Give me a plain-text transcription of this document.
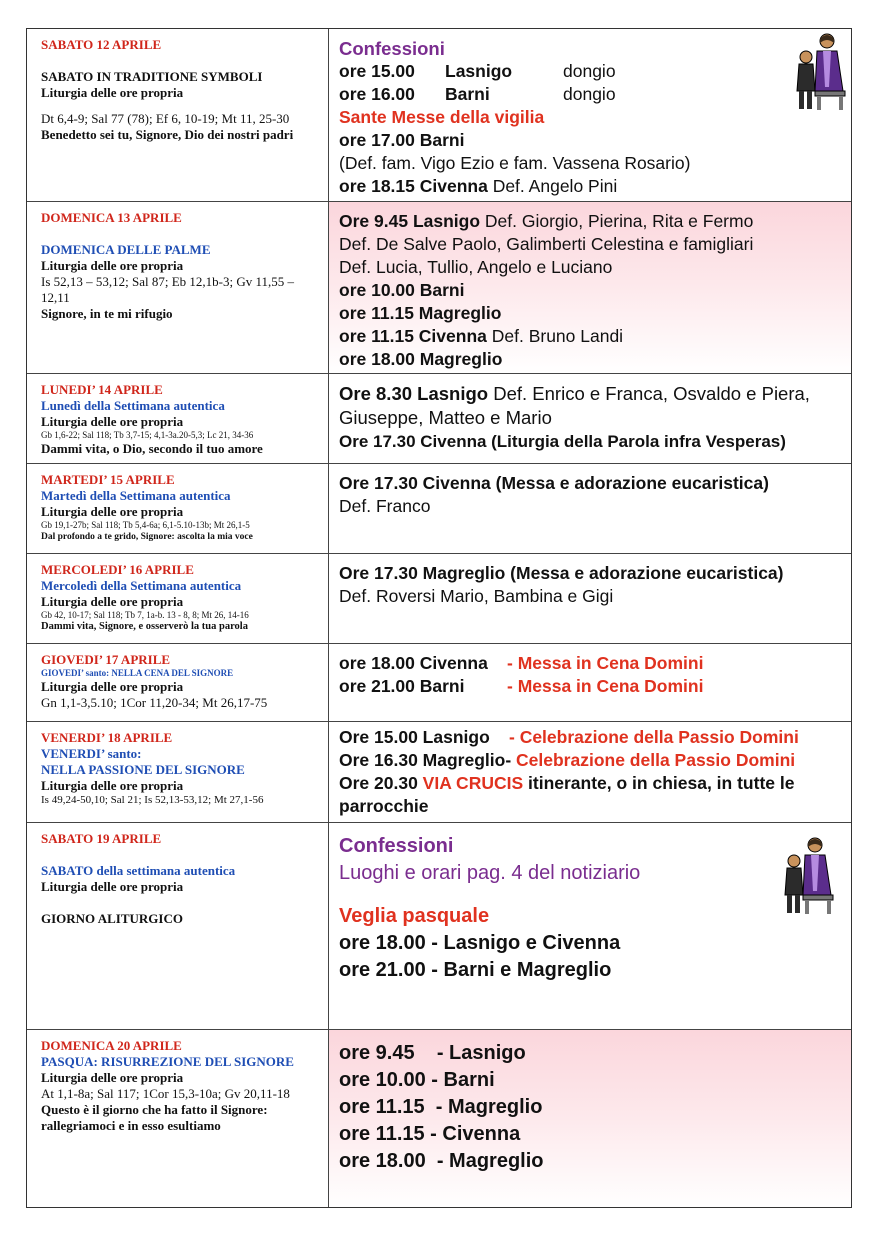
SABATO 12 APRILE
SABATO IN TRADITIONE SYMBOLI
Liturgia delle ore propria
Dt 6,4-9; Sal 77 (78); Ef 6, 10-19; Mt 11, 25-30
Benedetto sei tu, Signore, Dio dei nostri padri
Confessioni
ore 15.00 Lasnigo	dongio
ore 16.00 Barni	dongio
Sante Messe della vigilia
ore 17.00 Barni
(Def. fam. Vigo Ezio e fam. Vassena Rosario)
ore 18.15 Civenna Def. Angelo Pini
DOMENICA 13 APRILE
DOMENICA DELLE PALME
Liturgia delle ore propria
Is 52,13 – 53,12; Sal 87; Eb 12,1b-3; Gv 11,55 – 12,11
Signore, in te mi rifugio
Ore 9.45 Lasnigo Def. Giorgio, Pierina, Rita e Fermo
Def. De Salve Paolo, Galimberti Celestina e famigliari
Def. Lucia, Tullio, Angelo e Luciano
ore 10.00 Barni
ore 11.15 Magreglio
ore 11.15 Civenna Def. Bruno Landi
ore 18.00 Magreglio
LUNEDI’ 14 APRILE
Lunedì della Settimana autentica
Liturgia delle ore propria
Gb 1,6-22; Sal 118; Tb 3,7-15; 4,1-3a.20-5,3; Lc 21, 34-36
Dammi vita, o Dio, secondo il tuo amore
Ore 8.30 Lasnigo Def. Enrico e Franca, Osvaldo e Piera, Giuseppe, Matteo e Mario
Ore 17.30 Civenna (Liturgia della Parola infra Vesperas)
MARTEDI’ 15 APRILE
Martedì della Settimana autentica
Liturgia delle ore propria
Gb 19,1-27b; Sal 118; Tb 5,4-6a; 6,1-5.10-13b; Mt 26,1-5
Dal profondo a te grido, Signore: ascolta la mia voce
Ore 17.30 Civenna (Messa e adorazione eucaristica)
Def. Franco
MERCOLEDI’ 16 APRILE
Mercoledì della Settimana autentica
Liturgia delle ore propria
Gb 42, 10-17; Sal 118; Tb 7, 1a-b. 13 - 8, 8; Mt 26, 14-16
Dammi vita, Signore, e osserverò la tua parola
Ore 17.30 Magreglio (Messa e adorazione eucaristica)
Def. Roversi Mario, Bambina e Gigi
GIOVEDI’ 17 APRILE
GIOVEDI’ santo: NELLA CENA DEL SIGNORE
Liturgia delle ore propria
Gn 1,1-3,5.10; 1Cor 11,20-34; Mt 26,17-75
ore 18.00 Civenna - Messa in Cena Domini
ore 21.00 Barni - Messa in Cena Domini
VENERDI’ 18 APRILE
VENERDI’ santo:
NELLA PASSIONE DEL SIGNORE
Liturgia delle ore propria
Is 49,24-50,10; Sal 21; Is 52,13-53,12; Mt 27,1-56
Ore 15.00 Lasnigo - Celebrazione della Passio Domini
Ore 16.30 Magreglio- Celebrazione della Passio Domini
Ore 20.30 VIA CRUCIS itinerante, o in chiesa, in tutte le parrocchie
SABATO 19 APRILE
SABATO della settimana autentica
Liturgia delle ore propria
GIORNO ALITURGICO
Confessioni
Luoghi e orari pag. 4 del notiziario
Veglia pasquale
ore 18.00 - Lasnigo e Civenna
ore 21.00 - Barni e Magreglio
DOMENICA 20 APRILE
PASQUA: RISURREZIONE DEL SIGNORE
Liturgia delle ore propria
At 1,1-8a; Sal 117; 1Cor 15,3-10a; Gv 20,11-18
Questo è il giorno che ha fatto il Signore: rallegriamoci e in esso esultiamo
ore 9.45    - Lasnigo
ore 10.00 - Barni
ore 11.15  - Magreglio
ore 11.15 - Civenna
ore 18.00  - Magreglio
